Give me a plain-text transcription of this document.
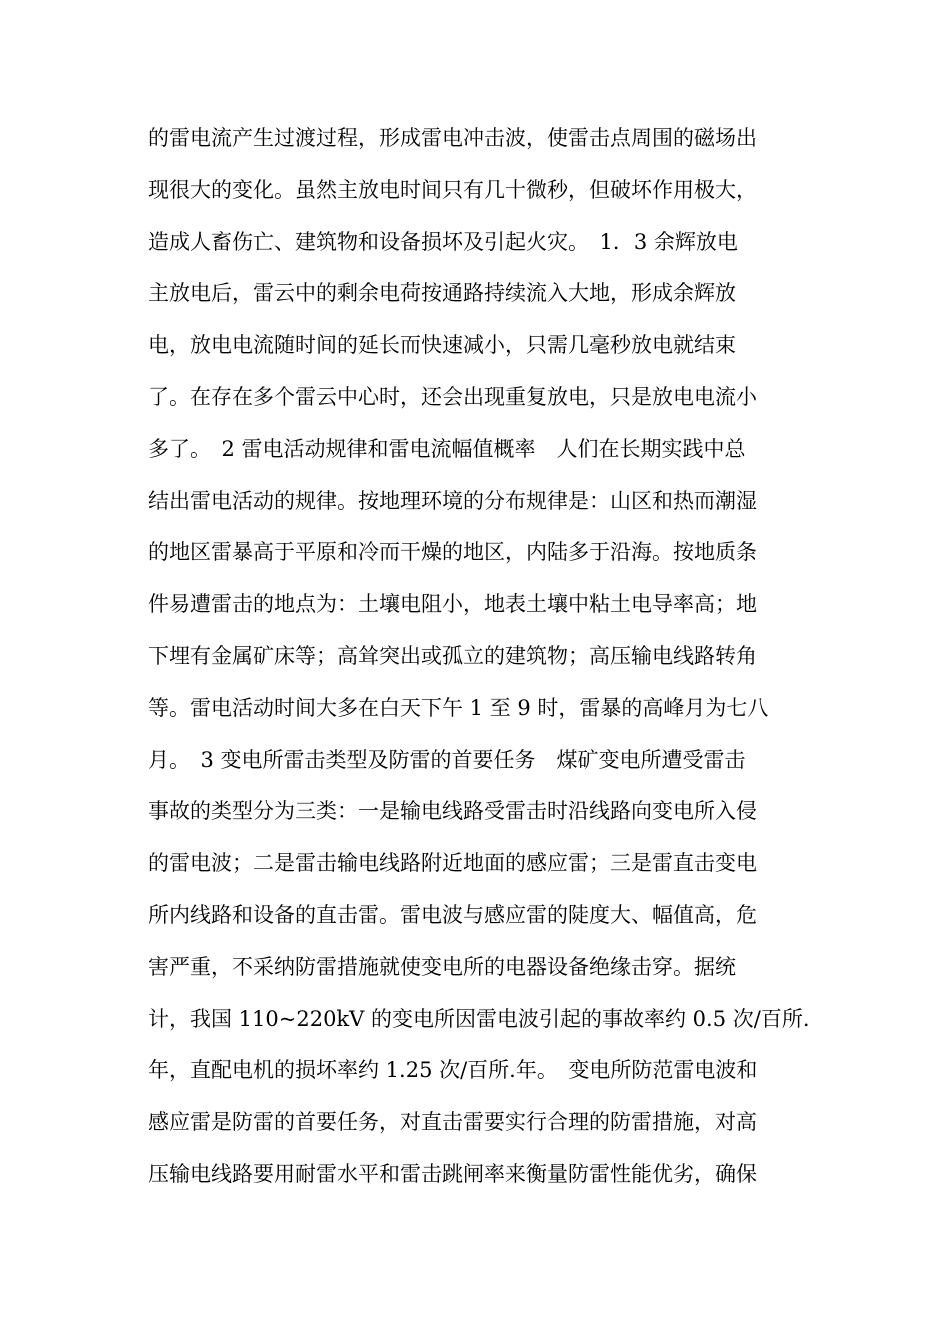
的雷电流产生过渡过程，形成雷电冲击波，使雷击点周围的磁场出
现很大的变化。虽然主放电时间只有几十微秒，但破坏作用极大，
造成人畜伤亡、建筑物和设备损坏及引起火灾。　1．3 余辉放电
主放电后，雷云中的剩余电荷按通路持续流入大地，形成余辉放
电，放电电流随时间的延长而快速减小，只需几毫秒放电就结束
了。在存在多个雷云中心时，还会出现重复放电，只是放电电流小
多了。　2 雷电活动规律和雷电流幅值概率　人们在长期实践中总
结出雷电活动的规律。按地理环境的分布规律是：山区和热而潮湿
的地区雷暴高于平原和冷而干燥的地区，内陆多于沿海。按地质条
件易遭雷击的地点为：土壤电阻小，地表土壤中粘土电导率高；地
下埋有金属矿床等；高耸突出或孤立的建筑物；高压输电线路转角
等。雷电活动时间大多在白天下午 1 至 9 时，雷暴的高峰月为七八
月。　3 变电所雷击类型及防雷的首要任务　煤矿变电所遭受雷击
事故的类型分为三类：一是输电线路受雷击时沿线路向变电所入侵
的雷电波；二是雷击输电线路附近地面的感应雷；三是雷直击变电
所内线路和设备的直击雷。雷电波与感应雷的陡度大、幅值高，危
害严重，不采纳防雷措施就使变电所的电器设备绝缘击穿。据统
计，我国 110~220kV 的变电所因雷电波引起的事故率约 0.5 次/百所.
年，直配电机的损坏率约 1.25 次/百所.年。　变电所防范雷电波和
感应雷是防雷的首要任务，对直击雷要实行合理的防雷措施，对高
压输电线路要用耐雷水平和雷击跳闸率来衡量防雷性能优劣，确保
